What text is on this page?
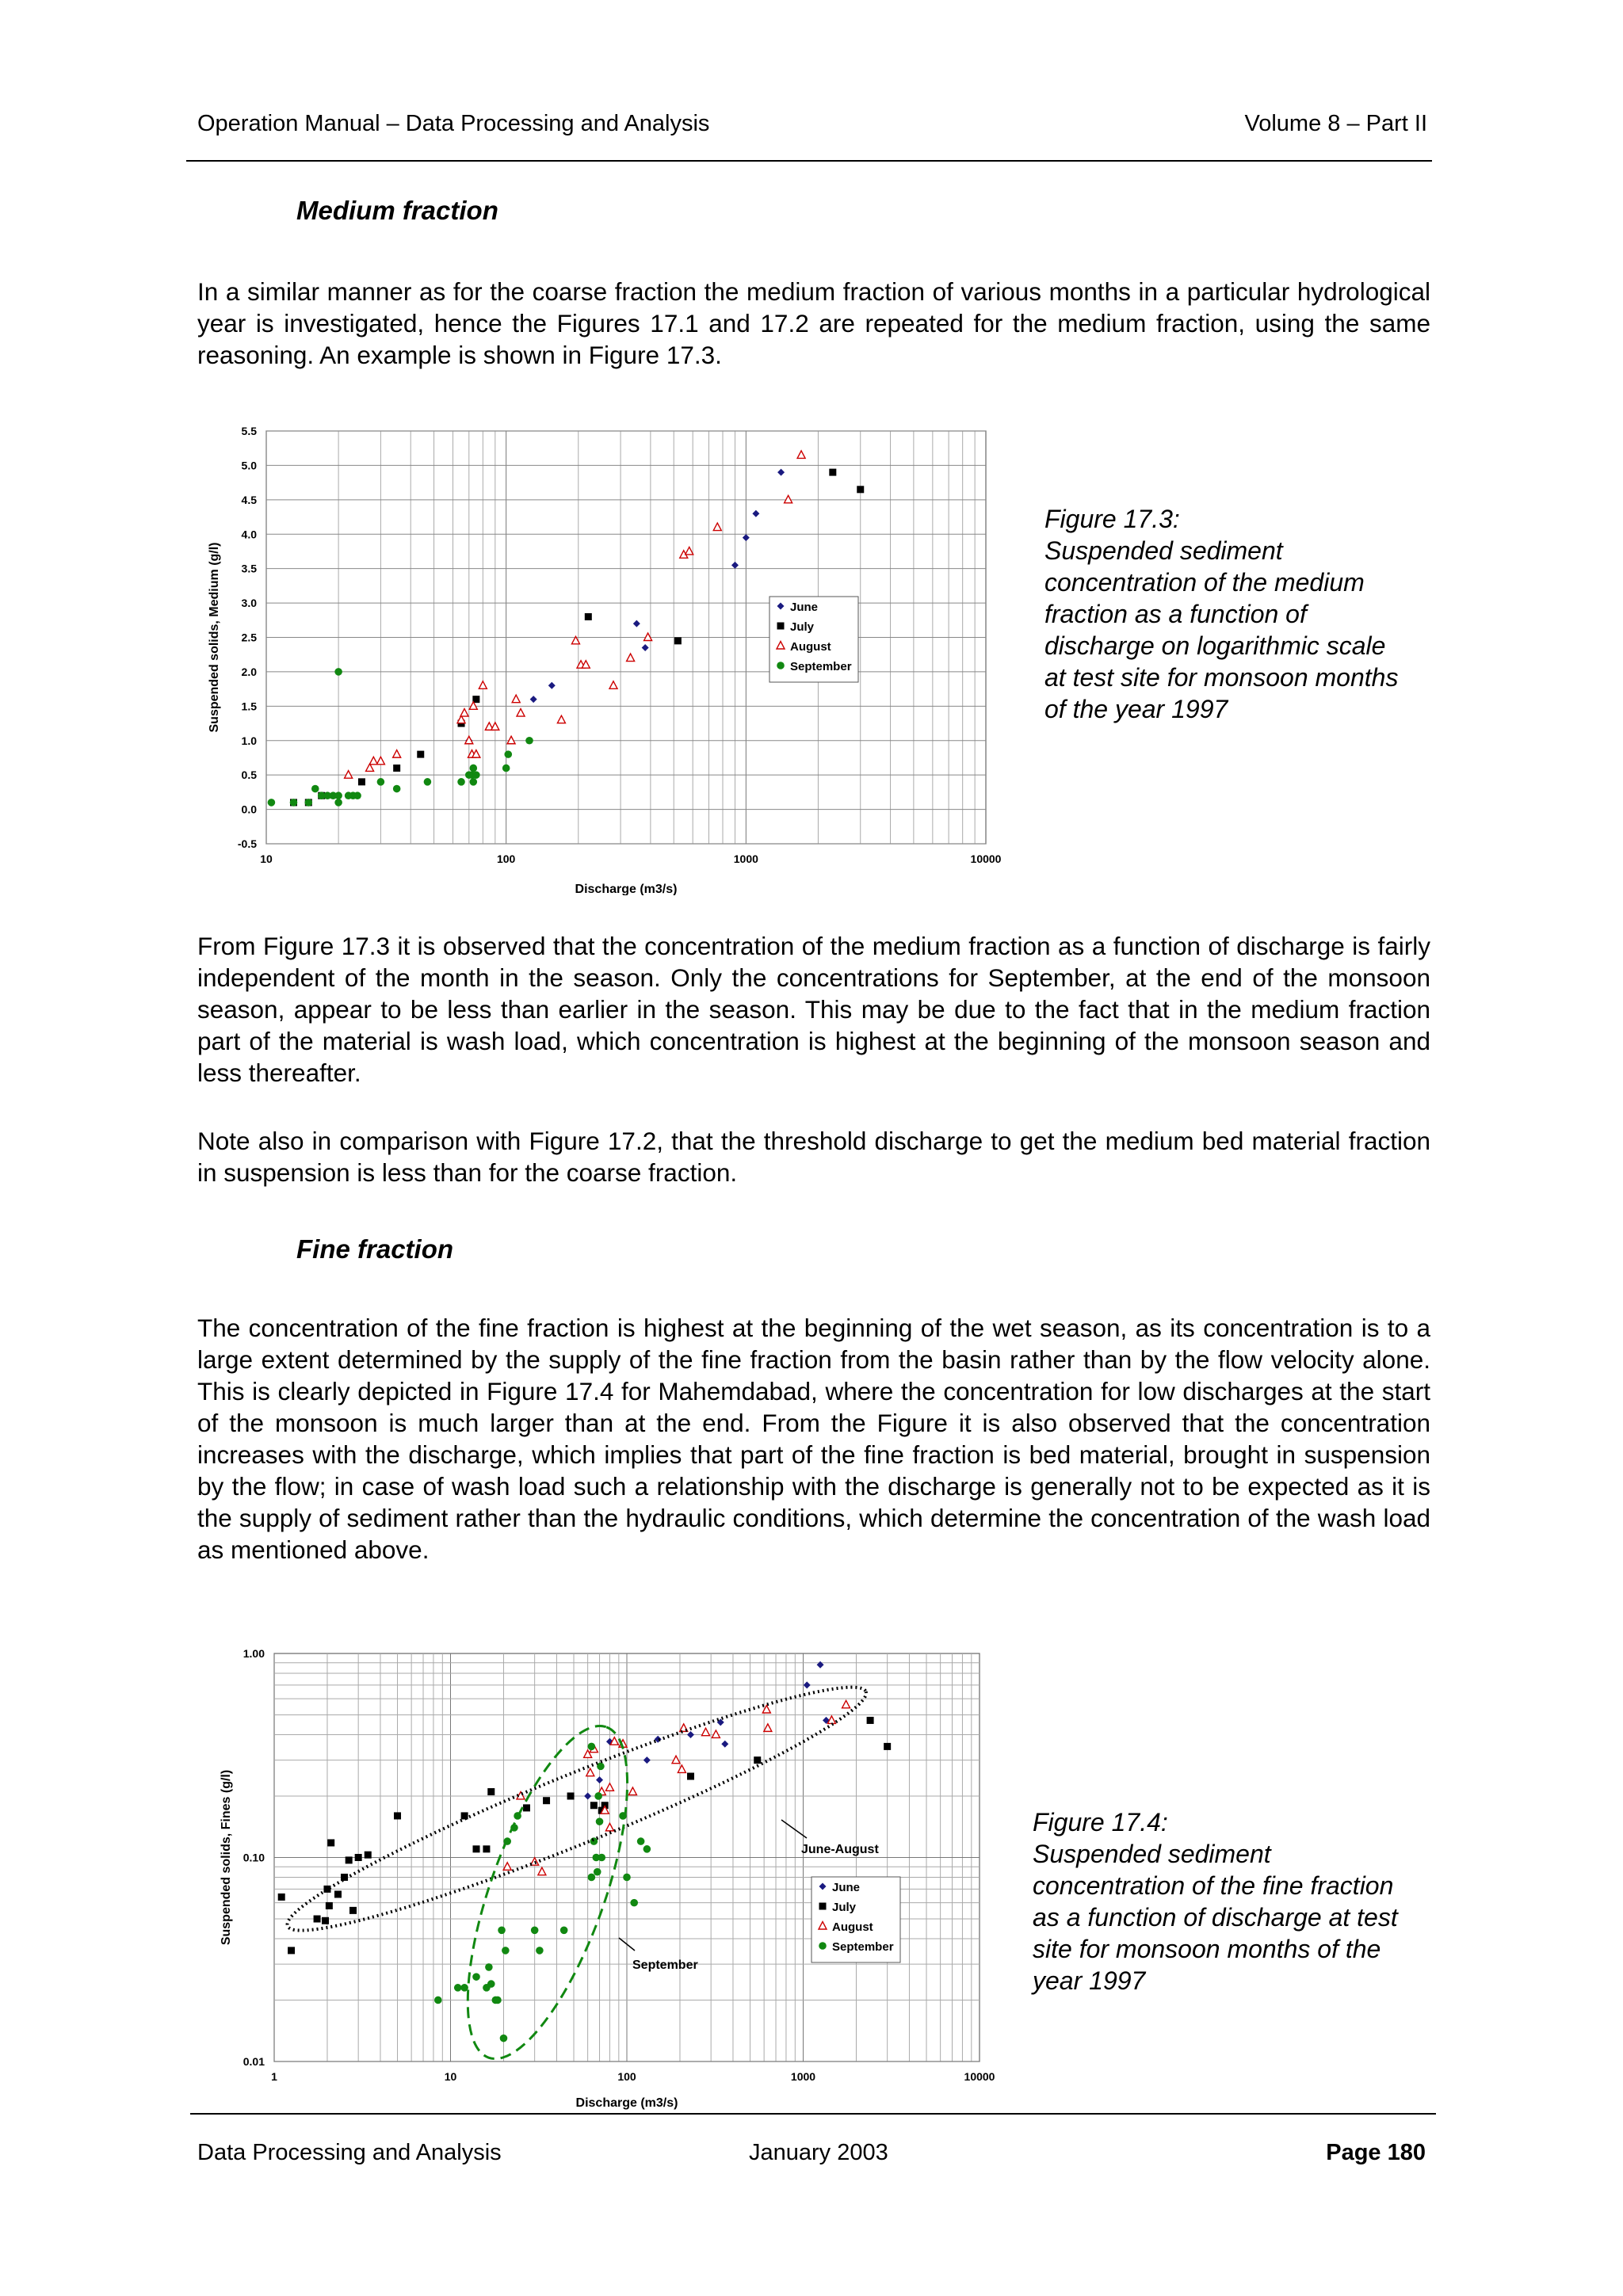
Operation Manual – Data Processing and Analysis	Volume 8 – Part II
Medium fraction
In a similar manner as for the coarse fraction the medium fraction of various months in a particular hydrological year is investigated, hence the Figures 17.1 and 17.2 are repeated for the medium fraction, using the same reasoning. An example is shown in Figure 17.3.
-0.5
0.0
0.5
1.0
1.5
2.0
2.5
3.0
3.5
4.0
4.5
5.0
5.5
10	100	1000	10000
Discharge (m3/s)
Suspended solids, Medium (g/l)	June
July
August
September
Figure 17.3:
Suspended sediment
concentration of the medium
fraction as a function of
discharge on logarithmic scale
at test site for monsoon months
of the year 1997
From Figure 17.3 it is observed that the concentration of the medium fraction as a function of discharge is fairly independent of the month in the season. Only the concentrations for September, at the end of the monsoon season, appear to be less than earlier in the season. This may be due to the fact that in the medium fraction part of the material is wash load, which concentration is highest at the beginning of the monsoon season and less thereafter.
Note also in comparison with Figure 17.2, that the threshold discharge to get the medium bed material fraction in suspension is less than for the coarse fraction.
Fine fraction
The concentration of the fine fraction is highest at the beginning of the wet season, as its concentration is to a large extent determined by the supply of the fine fraction from the basin rather than by the flow velocity alone. This is clearly depicted in Figure 17.4 for Mahemdabad, where the concentration for low discharges at the start of the monsoon is much larger than at the end. From the Figure it is also observed that the concentration increases with the discharge, which implies that part of the fine fraction is bed material, brought in suspension by the flow; in case of wash load such a relationship with the discharge is generally not to be expected as it is the supply of sediment rather than the hydraulic conditions, which determine the concentration of the wash load as mentioned above.
0.01
0.10
1.00
1	10	100	1000	10000
Discharge (m3/s)
Suspended solids, Fines (g/l)	June-August
September
June
July
August
September
Figure 17.4:
Suspended sediment
concentration of the fine fraction
as a function of discharge at test
site for monsoon months of the
year 1997
Data Processing and Analysis	January 2003	Page 180
